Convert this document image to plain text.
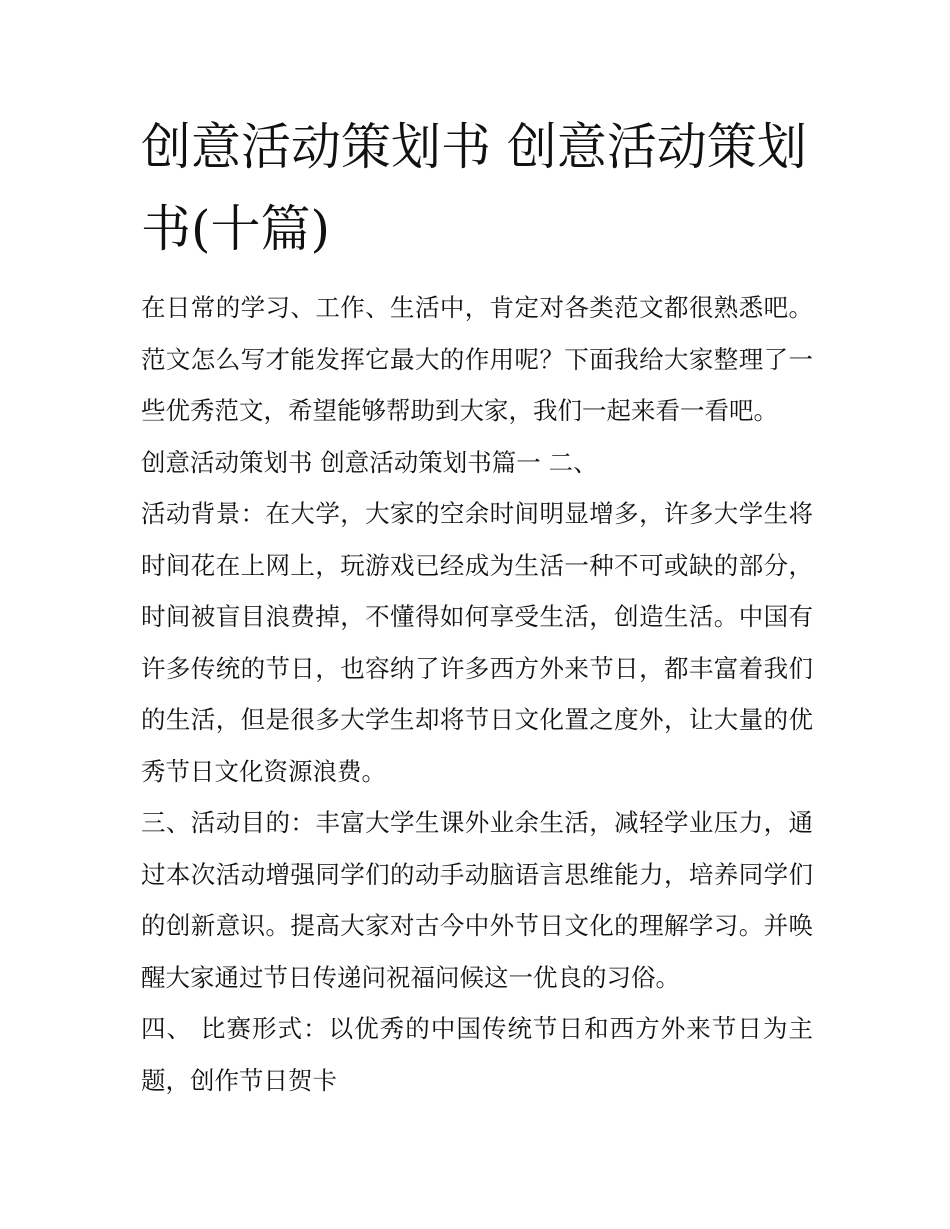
创意活动策划书 创意活动策划书(十篇)

在日常的学习、工作、生活中，肯定对各类范文都很熟悉吧。范文怎么写才能发挥它最大的作用呢？下面我给大家整理了一些优秀范文，希望能够帮助到大家，我们一起来看一看吧。

创意活动策划书 创意活动策划书篇一 二、

活动背景：在大学，大家的空余时间明显增多，许多大学生将时间花在上网上，玩游戏已经成为生活一种不可或缺的部分，时间被盲目浪费掉，不懂得如何享受生活，创造生活。中国有许多传统的节日，也容纳了许多西方外来节日，都丰富着我们的生活，但是很多大学生却将节日文化置之度外，让大量的优秀节日文化资源浪费。

三、活动目的：丰富大学生课外业余生活，减轻学业压力，通过本次活动增强同学们的动手动脑语言思维能力，培养同学们的创新意识。提高大家对古今中外节日文化的理解学习。并唤醒大家通过节日传递问祝福问候这一优良的习俗。

四、 比赛形式：以优秀的中国传统节日和西方外来节日为主题，创作节日贺卡
